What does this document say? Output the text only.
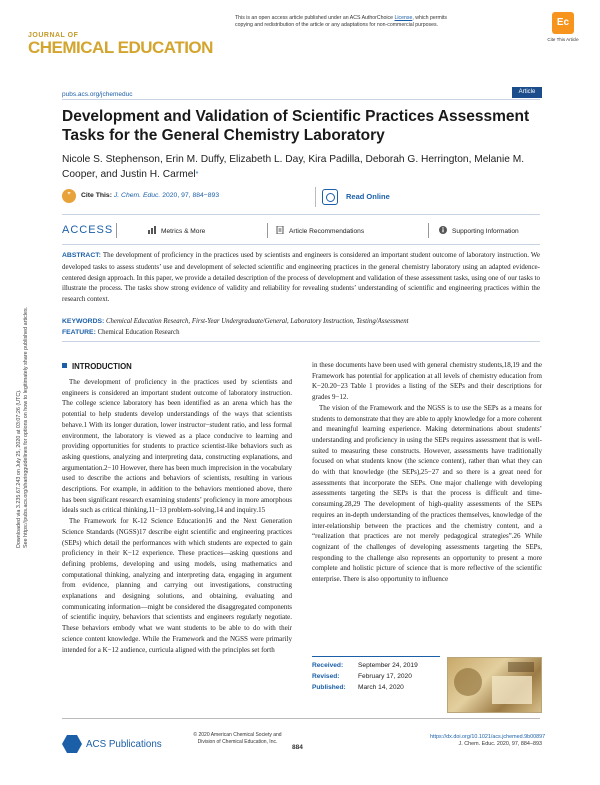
This is an open access article published under an ACS AuthorChoice License, which permits
copying and redistribution of the article or any adaptations for non-commercial purposes.
JOURNAL OF
CHEMICAL EDUCATION
Ec
Cite This Article
pubs.acs.org/jchemeduc	Article
Development and Validation of Scientific Practices Assessment Tasks for the General Chemistry Laboratory
Nicole S. Stephenson, Erin M. Duffy, Elizabeth L. Day, Kira Padilla, Deborah G. Herrington, Melanie M. Cooper, and Justin H. Carmel*
”	Cite This: J. Chem. Educ. 2020, 97, 884−893	Read Online
ACCESS	Metrics & More	Article Recommendations	Supporting Information
ABSTRACT: The development of proficiency in the practices used by scientists and engineers is considered an important student outcome of laboratory instruction. We developed tasks to assess students’ use and development of selected scientific and engineering practices in the general chemistry laboratory using an adapted evidence-centered design approach. In this paper, we provide a detailed description of the process of development and validation of these assessment tasks, using one of our tasks to illustrate the process. The tasks show strong evidence of validity and reliability for revealing students’ understanding of scientific and engineering practices within the research context.
KEYWORDS: Chemical Education Research, First-Year Undergraduate/General, Laboratory Instruction, Testing/Assessment
FEATURE: Chemical Education Research
INTRODUCTION

The development of proficiency in the practices used by scientists and engineers is considered an important student outcome of laboratory instruction. The college science laboratory has been identified as an arena which has the potential to help students develop understandings of the ways that scientists behave.1 With its longer duration, lower instructor−student ratio, and less formal environment, the laboratory is viewed as a place conducive to learning and providing opportunities for students to practice scientist-like behaviors such as asking questions, analyzing and interpreting data, constructing explanations, and argumentation.2−10 However, there has been much imprecision in the vocabulary used to describe the actions and behaviors of scientists, resulting in various descriptions. For example, in addition to the behaviors mentioned above, there has been significant research examining students’ proficiency in more amorphous ideals such as critical thinking,11−13 problem-solving,14 and inquiry.15

The Framework for K-12 Science Education16 and the Next Generation Science Standards (NGSS)17 describe eight scientific and engineering practices (SEPs) which detail the performances with which students are expected to gain proficiency in their K−12 experience. These practices—asking questions and defining problems, developing and using models, using mathematics and computational thinking, analyzing and interpreting data, engaging in argument from evidence, planning and carrying out investigations, constructing explanations and designing solutions, and obtaining, evaluating and communicating information—might be considered the disaggregated components of scientific inquiry, behaviors that scientists and engineers regularly negotiate. These behaviors embody what we want students to be able to do with their science content knowledge. While the Framework and the NGSS were primarily intended for a K−12 audience, curricula aligned with the principles set forth

in these documents have been used with general chemistry students,18,19 and the Framework has potential for application at all levels of chemistry education from K−20.20−23 Table 1 provides a listing of the SEPs and their descriptions for grades 9−12.

The vision of the Framework and the NGSS is to use the SEPs as a means for students to demonstrate that they are able to apply knowledge for a more coherent and meaningful learning experience. Making determinations about students’ understanding and proficiency in using the SEPs requires assessment that is well-suited to measuring these constructs. However, assessments have traditionally focused on what students know (the science content), rather than what they can do with that knowledge (the SEPs),25−27 and so there is a great need for assessments that incorporate the SEPs. One major challenge with developing assessments targeting the SEPs is that the process is difficult and time-consuming.28,29 The development of high-quality assessments of the SEPs requires an in-depth understanding of the practices themselves, knowledge of the inter-relationship between the practices and the chemistry content, and a “realization that practices are not merely pedagogical strategies”.26 While cognizant of the challenges of developing assessments targeting the SEPs, responding to the challenge also represents an opportunity to present a more complete and holistic picture of science that is more reflective of the scientific enterprise. There is also opportunity to influence

Received: September 24, 2019
Revised:	February 17, 2020
Published: March 14, 2020
ACS Publications
© 2020 American Chemical Society and
Division of Chemical Education, Inc.
884
https://dx.doi.org/10.1021/acs.jchemed.9b00897
J. Chem. Educ. 2020, 97, 884−893
Downloaded via 3.235.67.243 on July 25, 2020 at 03:07:26 (UTC). See https://pubs.acs.org/sharingguidelines for options on how to legitimately share published articles.
